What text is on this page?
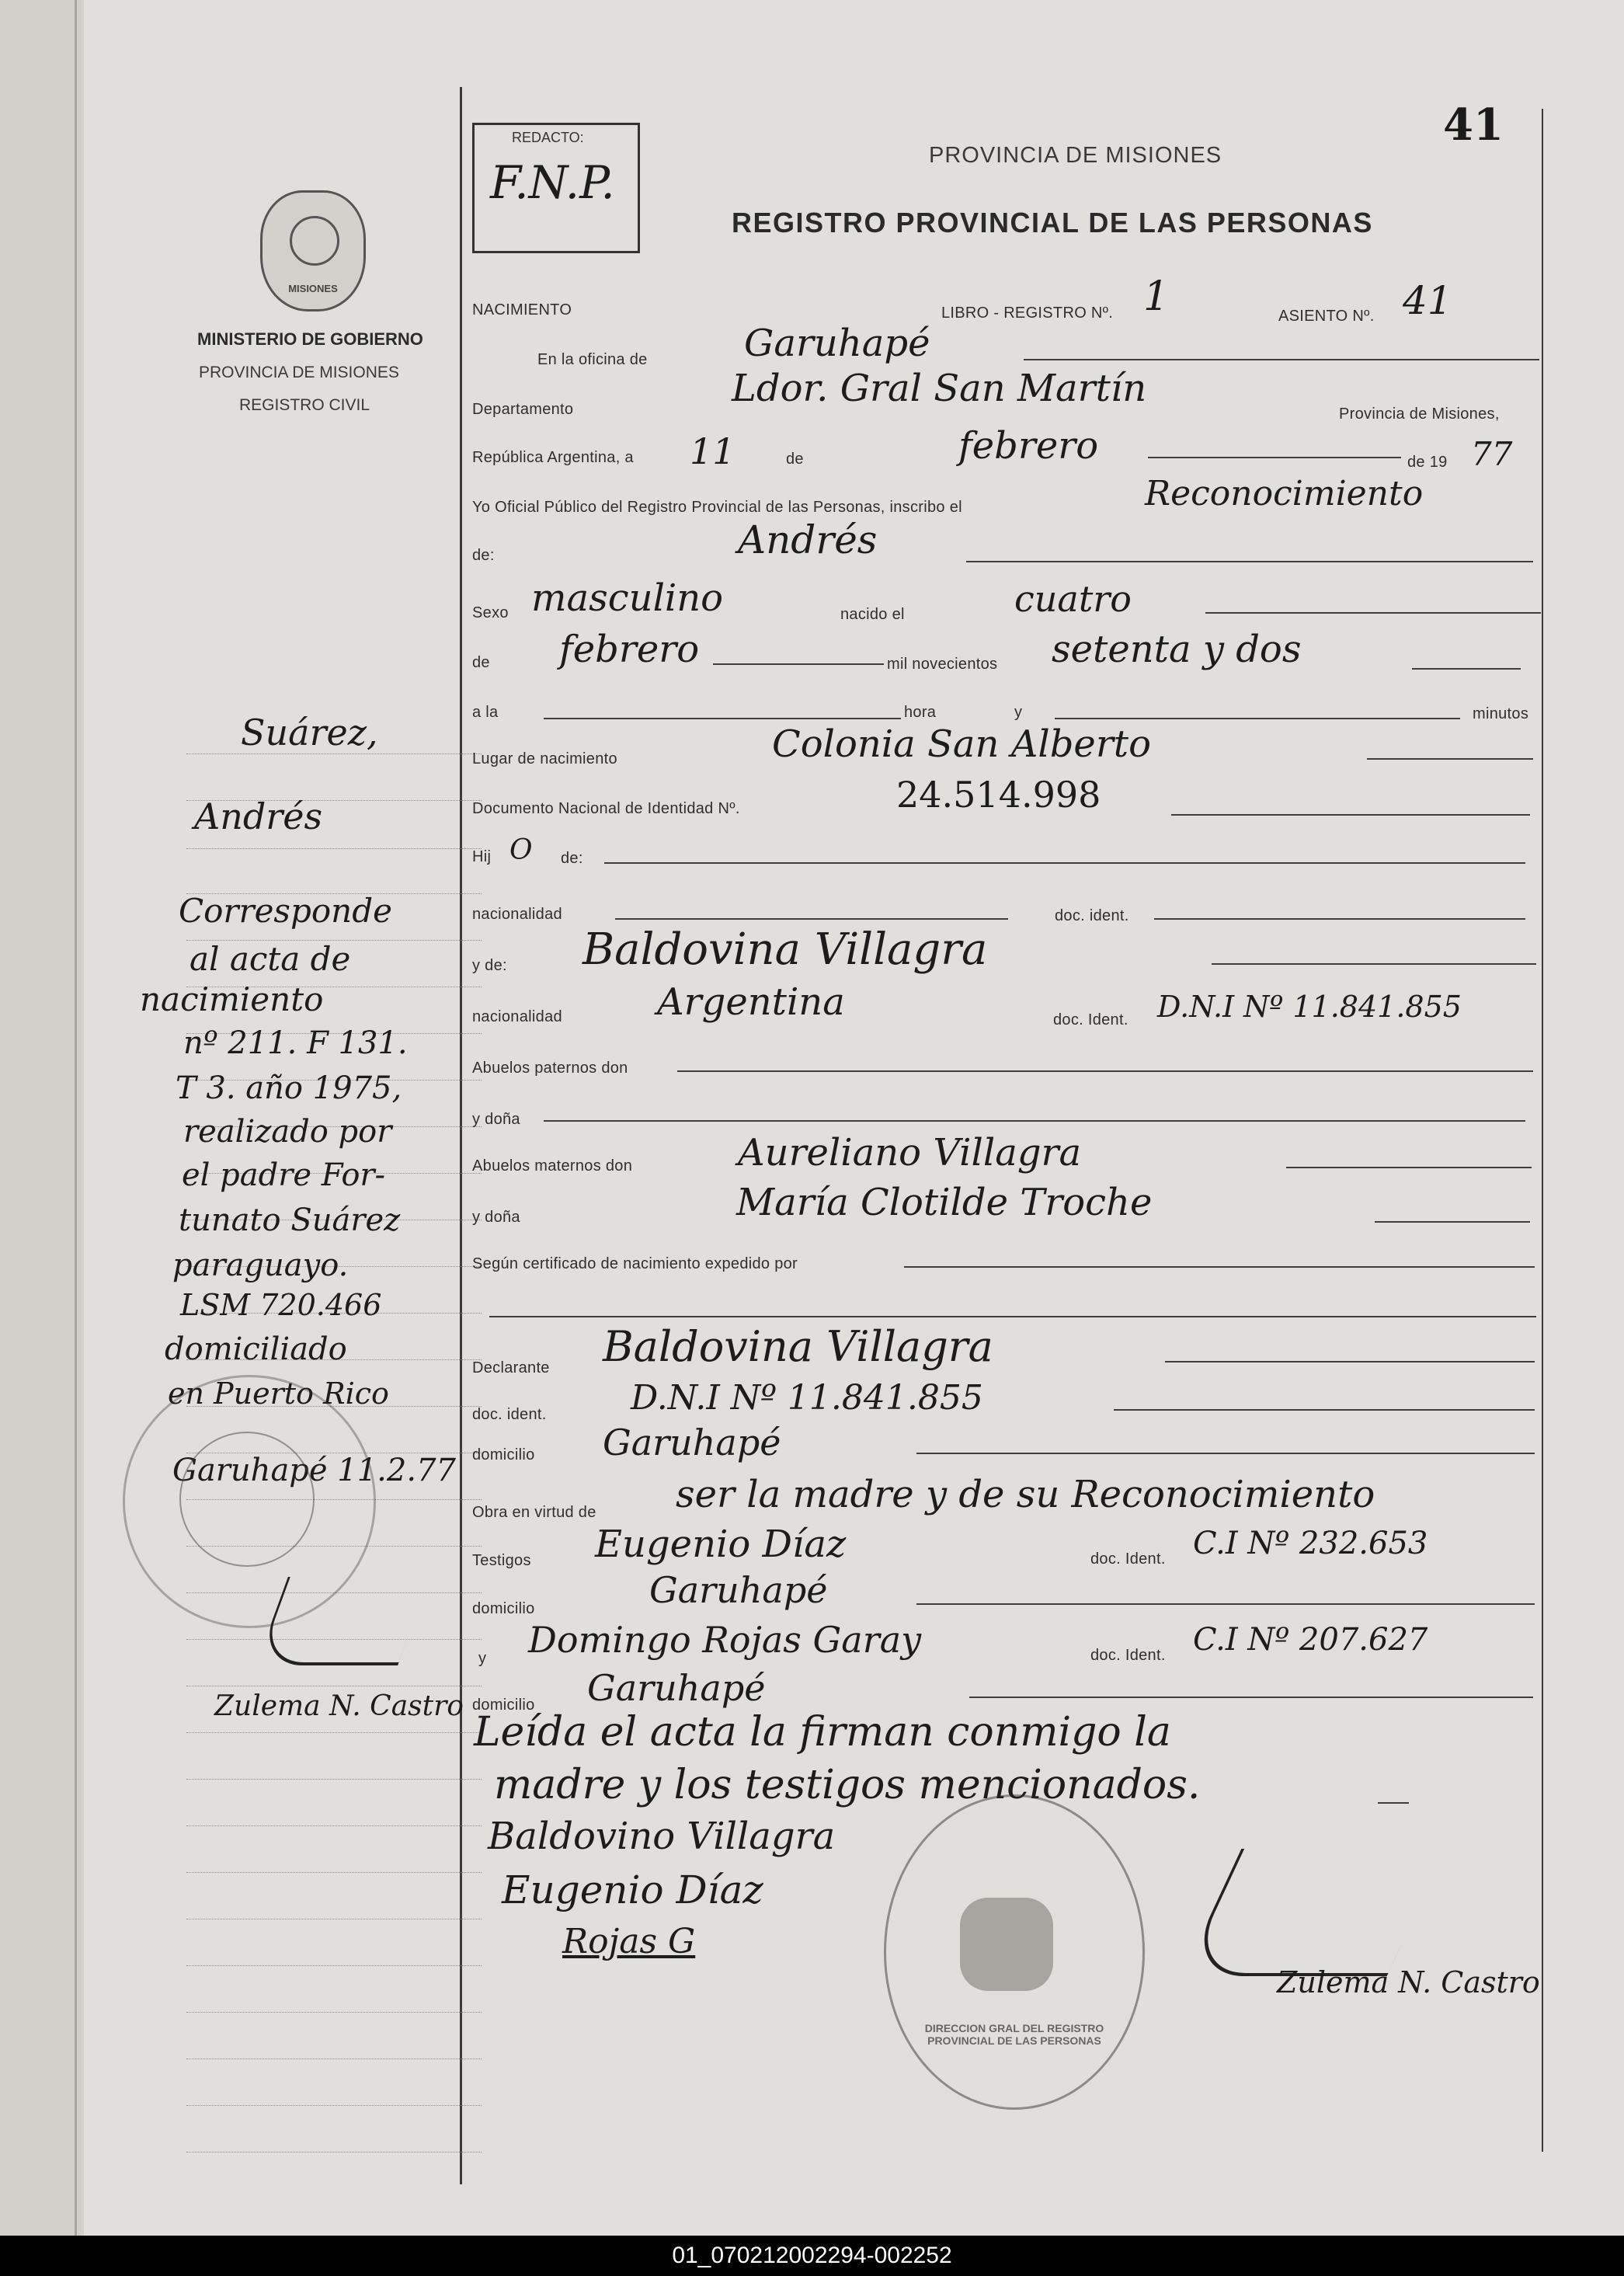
41
REDACTO:
F.N.P.
PROVINCIA DE MISIONES
REGISTRO PROVINCIAL DE LAS PERSONAS
MISIONES
MINISTERIO DE GOBIERNO
PROVINCIA DE MISIONES
REGISTRO CIVIL
Suárez,
Andrés
Corresponde
al acta de
nacimiento
nº 211. F 131.
T 3. año 1975,
realizado por
el padre For-
tunato Suárez
paraguayo.
LSM 720.466
domiciliado
en Puerto Rico
Garuhapé 11.2.77
Zulema N. Castro
NACIMIENTO	LIBRO - REGISTRO Nº. 1	ASIENTO Nº. 41
En la oficina de	Garuhapé
Departamento	Ldor. Gral San Martín
Provincia de Misiones,
República Argentina, a 11	de	febrero	de 19 77
Yo Oficial Público del Registro Provincial de las Personas, inscribo el	Reconocimiento
de:	Andrés
Sexo masculino	nacido el	cuatro
de febrero	mil novecientos setenta y dos
a la	hora	y	minutos
Lugar de nacimiento	Colonia San Alberto
Documento Nacional de Identidad Nº.	24.514.998
Hij O de:
nacionalidad	doc. ident.
y de: Baldovina Villagra
nacionalidad	Argentina	doc. Ident. D.N.I Nº 11.841.855
Abuelos paternos don
y doña
Abuelos maternos don	Aureliano Villagra
y doña	María Clotilde Troche
Según certificado de nacimiento expedido por
Declarante Baldovina Villagra
doc. ident. D.N.I Nº 11.841.855
domicilio Garuhapé
Obra en virtud de ser la madre y de su Reconocimiento
Testigos Eugenio Díaz	doc. Ident. C.I Nº 232.653
domicilio	Garuhapé
y Domingo Rojas Garay	doc. Ident. C.I Nº 207.627
domicilio Garuhapé
Leída el acta la firman conmigo la
madre y los testigos mencionados.
Baldovino Villagra
Eugenio Díaz
Rojas G
DIRECCION GRAL DEL REGISTRO PROVINCIAL DE LAS PERSONAS
Zulema N. Castro
01_070212002294-002252
